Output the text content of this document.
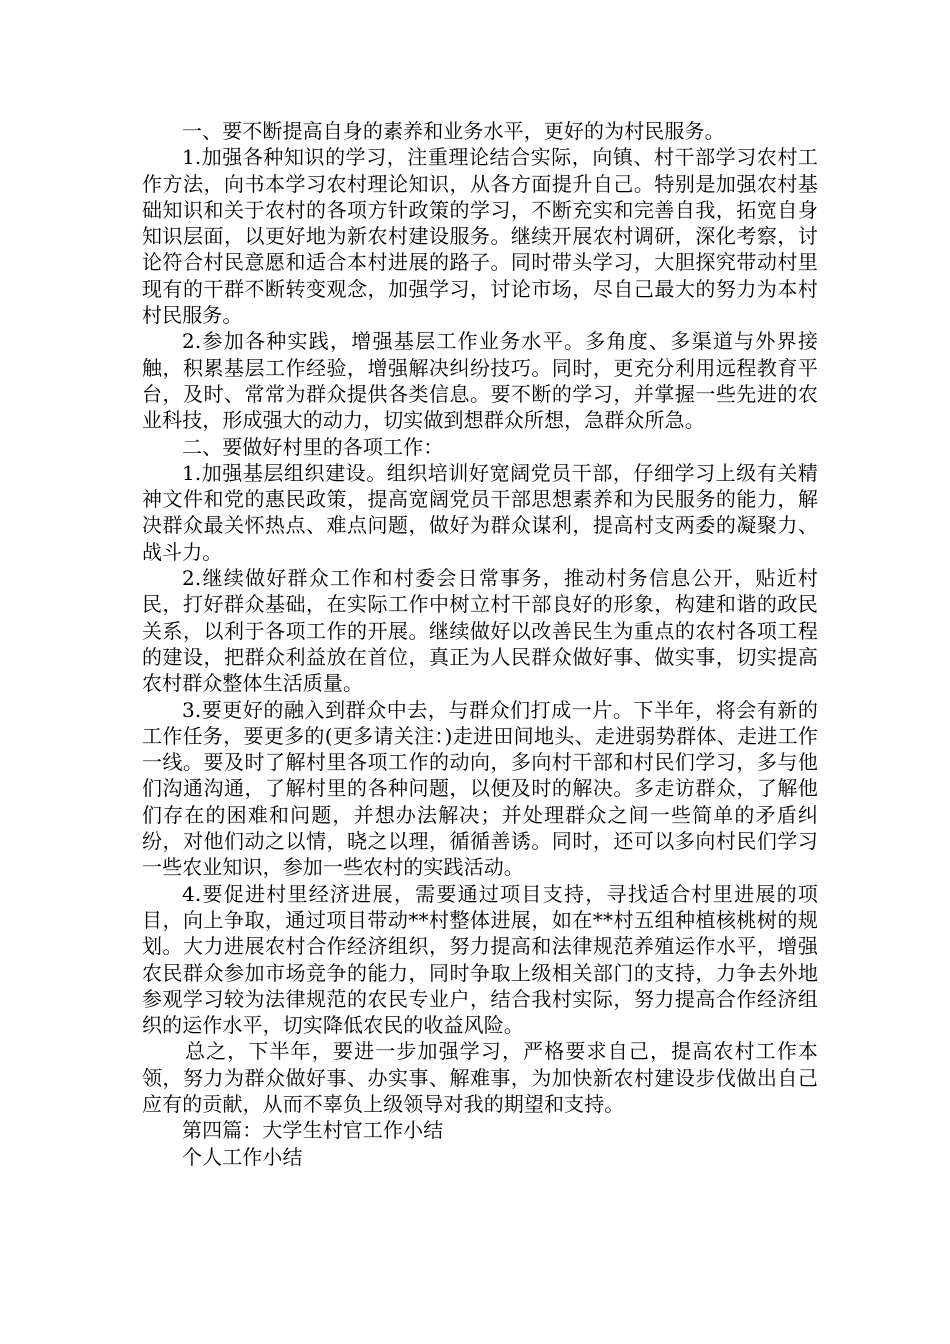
一、要不断提高自身的素养和业务水平，更好的为村民服务。

1.加强各种知识的学习，注重理论结合实际，向镇、村干部学习农村工作方法，向书本学习农村理论知识，从各方面提升自己。特别是加强农村基础知识和关于农村的各项方针政策的学习，不断充实和完善自我，拓宽自身知识层面，以更好地为新农村建设服务。继续开展农村调研，深化考察，讨论符合村民意愿和适合本村进展的路子。同时带头学习，大胆探究带动村里现有的干群不断转变观念，加强学习，讨论市场，尽自己最大的努力为本村村民服务。

2.参加各种实践，增强基层工作业务水平。多角度、多渠道与外界接触，积累基层工作经验，增强解决纠纷技巧。同时，更充分利用远程教育平台，及时、常常为群众提供各类信息。要不断的学习，并掌握一些先进的农业科技，形成强大的动力，切实做到想群众所想，急群众所急。

二、要做好村里的各项工作：

1.加强基层组织建设。组织培训好宽阔党员干部，仔细学习上级有关精神文件和党的惠民政策，提高宽阔党员干部思想素养和为民服务的能力，解决群众最关怀热点、难点问题，做好为群众谋利，提高村支两委的凝聚力、战斗力。

2.继续做好群众工作和村委会日常事务，推动村务信息公开，贴近村民，打好群众基础，在实际工作中树立村干部良好的形象，构建和谐的政民关系，以利于各项工作的开展。继续做好以改善民生为重点的农村各项工程的建设，把群众利益放在首位，真正为人民群众做好事、做实事，切实提高农村群众整体生活质量。

3.要更好的融入到群众中去，与群众们打成一片。下半年，将会有新的工作任务，要更多的(更多请关注：)走进田间地头、走进弱势群体、走进工作一线。要及时了解村里各项工作的动向，多向村干部和村民们学习，多与他们沟通沟通，了解村里的各种问题，以便及时的解决。多走访群众，了解他们存在的困难和问题，并想办法解决；并处理群众之间一些简单的矛盾纠纷，对他们动之以情，晓之以理，循循善诱。同时，还可以多向村民们学习一些农业知识，参加一些农村的实践活动。

4.要促进村里经济进展，需要通过项目支持，寻找适合村里进展的项目，向上争取，通过项目带动**村整体进展，如在**村五组种植核桃树的规划。大力进展农村合作经济组织，努力提高和法律规范养殖运作水平，增强农民群众参加市场竞争的能力，同时争取上级相关部门的支持，力争去外地参观学习较为法律规范的农民专业户，结合我村实际，努力提高合作经济组织的运作水平，切实降低农民的收益风险。

总之，下半年，要进一步加强学习，严格要求自己，提高农村工作本领，努力为群众做好事、办实事、解难事，为加快新农村建设步伐做出自己应有的贡献，从而不辜负上级领导对我的期望和支持。

第四篇：大学生村官工作小结

个人工作小结
